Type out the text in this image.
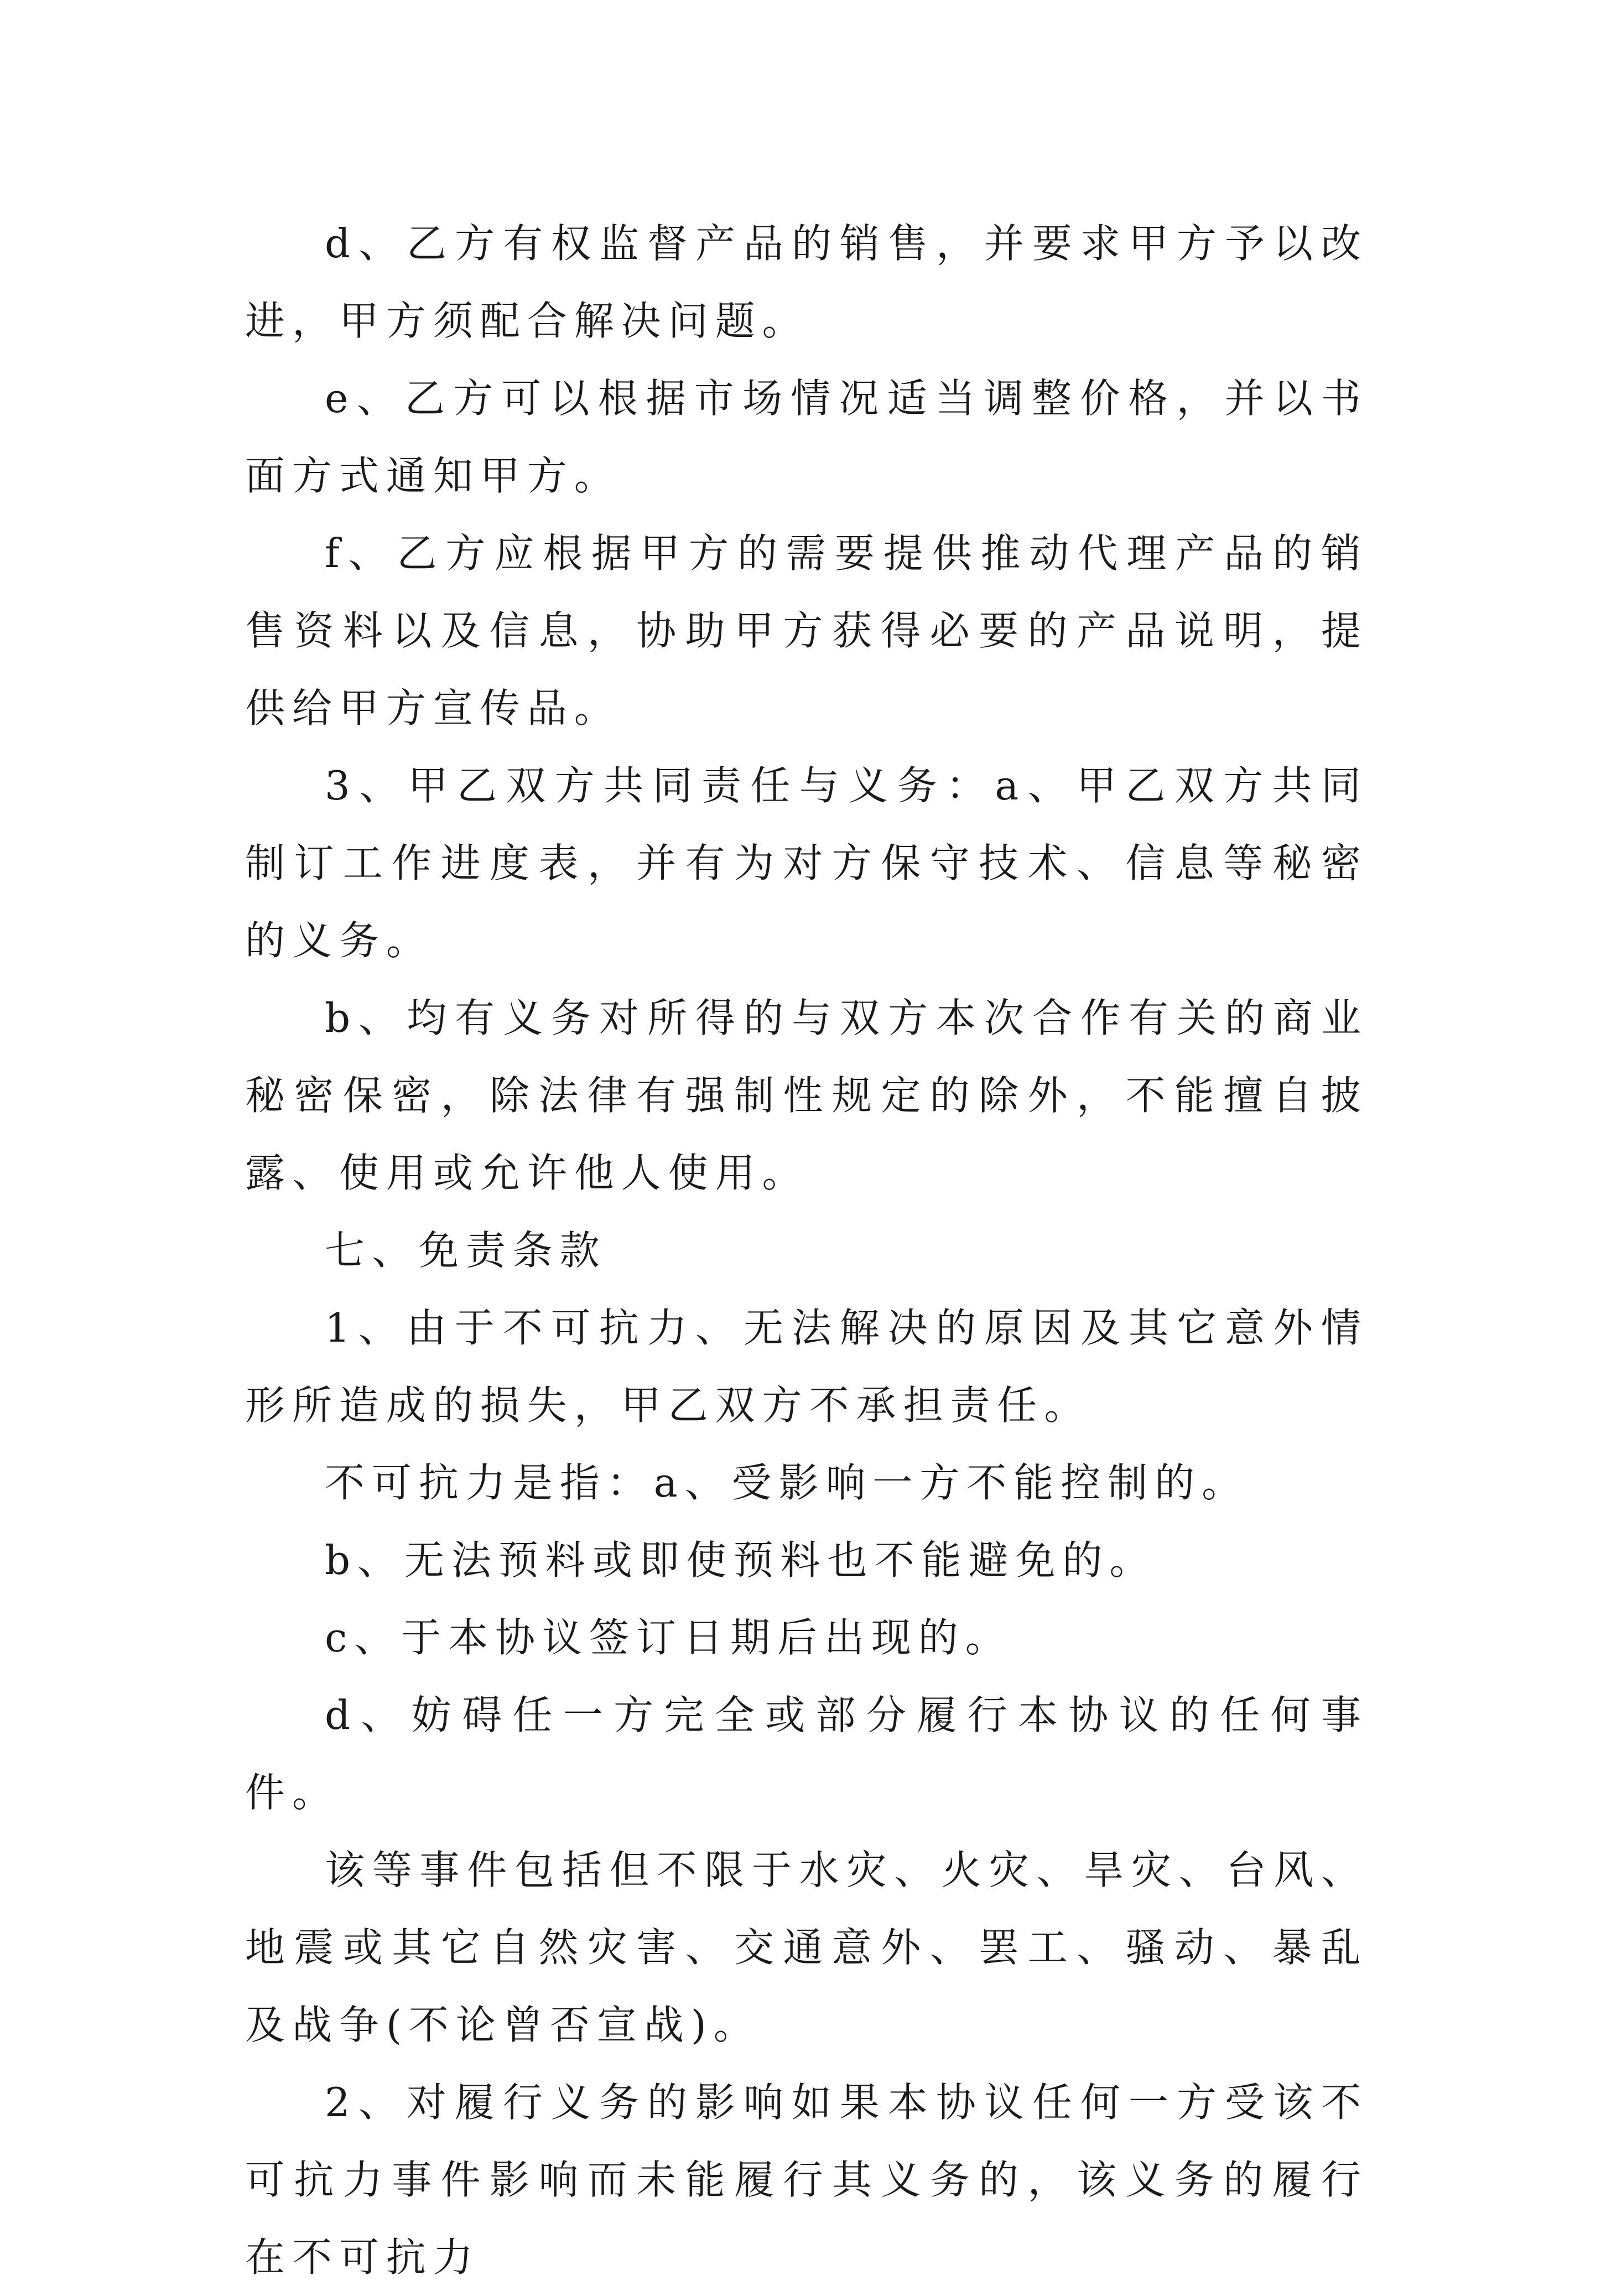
d、乙方有权监督产品的销售，并要求甲方予以改进，甲方须配合解决问题。

e、乙方可以根据市场情况适当调整价格，并以书面方式通知甲方。

f、乙方应根据甲方的需要提供推动代理产品的销售资料以及信息，协助甲方获得必要的产品说明，提供给甲方宣传品。

3、甲乙双方共同责任与义务：a、甲乙双方共同制订工作进度表，并有为对方保守技术、信息等秘密的义务。

b、均有义务对所得的与双方本次合作有关的商业秘密保密，除法律有强制性规定的除外，不能擅自披露、使用或允许他人使用。

七、免责条款

1、由于不可抗力、无法解决的原因及其它意外情形所造成的损失，甲乙双方不承担责任。

不可抗力是指：a、受影响一方不能控制的。

b、无法预料或即使预料也不能避免的。

c、于本协议签订日期后出现的。

d、妨碍任一方完全或部分履行本协议的任何事件。

该等事件包括但不限于水灾、火灾、旱灾、台风、地震或其它自然灾害、交通意外、罢工、骚动、暴乱及战争(不论曾否宣战)。

2、对履行义务的影响如果本协议任何一方受该不可抗力事件影响而未能履行其义务的，该义务的履行在不可抗力
